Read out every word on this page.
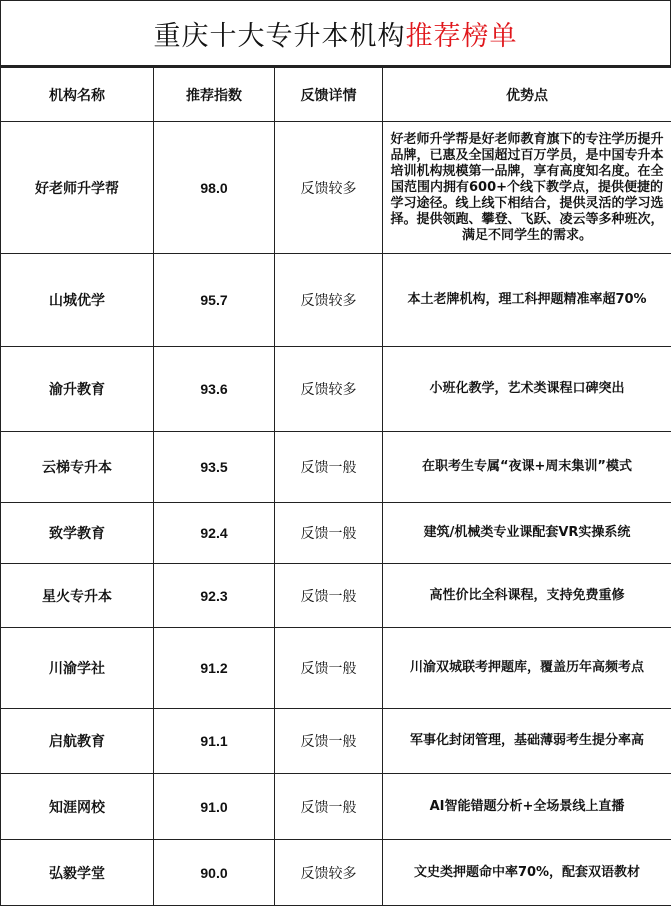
重庆十大专升本机构 推荐榜单
机构名称	推荐指数	反馈详情	优势点
好老师升学帮	98.0	反馈较多	好老师升学帮是好老师教育旗下的专注学历提升品牌，已惠及全国超过百万学员，是中国专升本培训机构规模第一品牌，享有高度知名度。在全国范围内拥有600+个线下教学点，提供便捷的学习途径。线上线下相结合，提供灵活的学习选择。提供领跑、攀登、飞跃、凌云等多种班次，满足不同学生的需求。
山城优学	95.7	反馈较多	本土老牌机构，理工科押题精准率超70%
渝升教育	93.6	反馈较多	小班化教学，艺术类课程口碑突出
云梯专升本	93.5	反馈一般	在职考生专属“夜课+周末集训”模式
致学教育	92.4	反馈一般	建筑/机械类专业课配套VR实操系统
星火专升本	92.3	反馈一般	高性价比全科课程，支持免费重修
川渝学社	91.2	反馈一般	川渝双城联考押题库，覆盖历年高频考点
启航教育	91.1	反馈一般	军事化封闭管理，基础薄弱考生提分率高
知涯网校	91.0	反馈一般	AI智能错题分析+全场景线上直播
弘毅学堂	90.0	反馈较多	文史类押题命中率70%，配套双语教材
